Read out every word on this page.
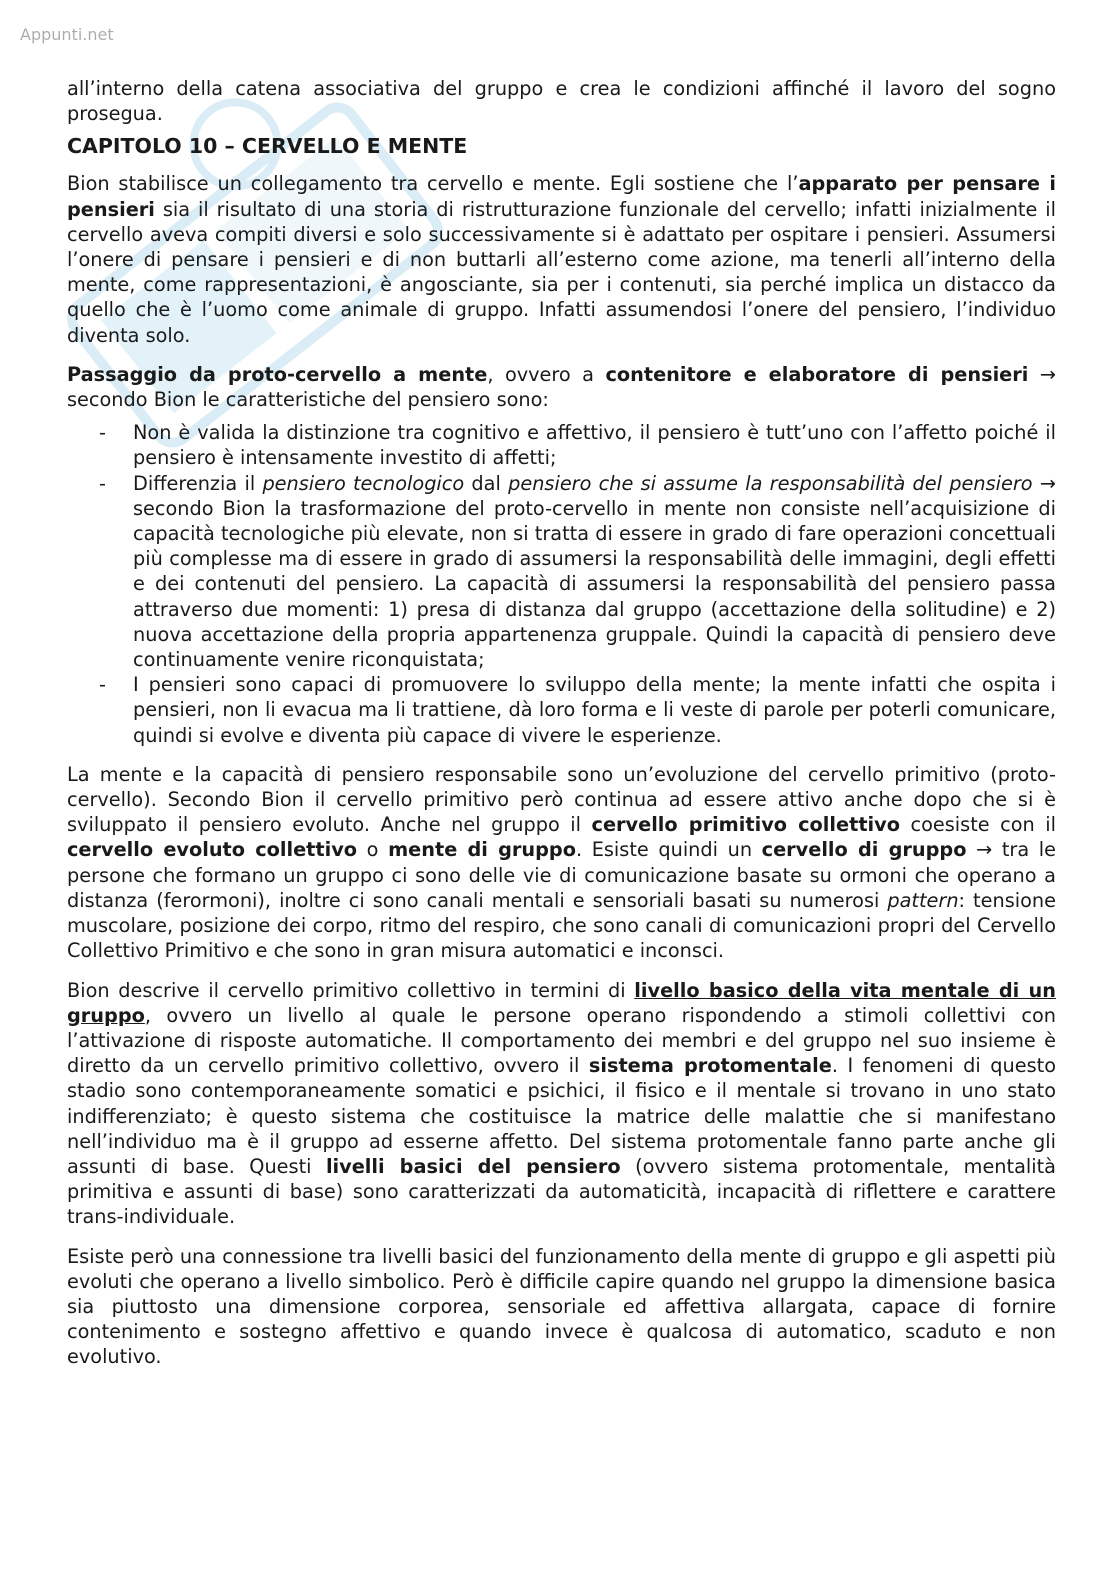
Appunti.net

all’interno della catena associativa del gruppo e crea le condizioni affinché il lavoro del sogno prosegua.

CAPITOLO 10 – CERVELLO E MENTE

Bion stabilisce un collegamento tra cervello e mente. Egli sostiene che l’apparato per pensare i pensieri sia il risultato di una storia di ristrutturazione funzionale del cervello; infatti inizialmente il cervello aveva compiti diversi e solo successivamente si è adattato per ospitare i pensieri. Assumersi l’onere di pensare i pensieri e di non buttarli all’esterno come azione, ma tenerli all’interno della mente, come rappresentazioni, è angosciante, sia per i contenuti, sia perché implica un distacco da quello che è l’uomo come animale di gruppo. Infatti assumendosi l’onere del pensiero, l’individuo diventa solo.

Passaggio da proto-cervello a mente, ovvero a contenitore e elaboratore di pensieri → secondo Bion le caratteristiche del pensiero sono:

- Non è valida la distinzione tra cognitivo e affettivo, il pensiero è tutt’uno con l’affetto poiché il pensiero è intensamente investito di affetti;
- Differenzia il pensiero tecnologico dal pensiero che si assume la responsabilità del pensiero → secondo Bion la trasformazione del proto-cervello in mente non consiste nell’acquisizione di capacità tecnologiche più elevate, non si tratta di essere in grado di fare operazioni concettuali più complesse ma di essere in grado di assumersi la responsabilità delle immagini, degli effetti e dei contenuti del pensiero. La capacità di assumersi la responsabilità del pensiero passa attraverso due momenti: 1) presa di distanza dal gruppo (accettazione della solitudine) e 2) nuova accettazione della propria appartenenza gruppale. Quindi la capacità di pensiero deve continuamente venire riconquistata;
- I pensieri sono capaci di promuovere lo sviluppo della mente; la mente infatti che ospita i pensieri, non li evacua ma li trattiene, dà loro forma e li veste di parole per poterli comunicare, quindi si evolve e diventa più capace di vivere le esperienze.

La mente e la capacità di pensiero responsabile sono un’evoluzione del cervello primitivo (proto-cervello). Secondo Bion il cervello primitivo però continua ad essere attivo anche dopo che si è sviluppato il pensiero evoluto. Anche nel gruppo il cervello primitivo collettivo coesiste con il cervello evoluto collettivo o mente di gruppo. Esiste quindi un cervello di gruppo → tra le persone che formano un gruppo ci sono delle vie di comunicazione basate su ormoni che operano a distanza (ferormoni), inoltre ci sono canali mentali e sensoriali basati su numerosi pattern: tensione muscolare, posizione dei corpo, ritmo del respiro, che sono canali di comunicazioni propri del Cervello Collettivo Primitivo e che sono in gran misura automatici e inconsci.

Bion descrive il cervello primitivo collettivo in termini di livello basico della vita mentale di un gruppo, ovvero un livello al quale le persone operano rispondendo a stimoli collettivi con l’attivazione di risposte automatiche. Il comportamento dei membri e del gruppo nel suo insieme è diretto da un cervello primitivo collettivo, ovvero il sistema protomentale. I fenomeni di questo stadio sono contemporaneamente somatici e psichici, il fisico e il mentale si trovano in uno stato indifferenziato; è questo sistema che costituisce la matrice delle malattie che si manifestano nell’individuo ma è il gruppo ad esserne affetto. Del sistema protomentale fanno parte anche gli assunti di base. Questi livelli basici del pensiero (ovvero sistema protomentale, mentalità primitiva e assunti di base) sono caratterizzati da automaticità, incapacità di riflettere e carattere trans-individuale.

Esiste però una connessione tra livelli basici del funzionamento della mente di gruppo e gli aspetti più evoluti che operano a livello simbolico. Però è difficile capire quando nel gruppo la dimensione basica sia piuttosto una dimensione corporea, sensoriale ed affettiva allargata, capace di fornire contenimento e sostegno affettivo e quando invece è qualcosa di automatico, scaduto e non evolutivo.
